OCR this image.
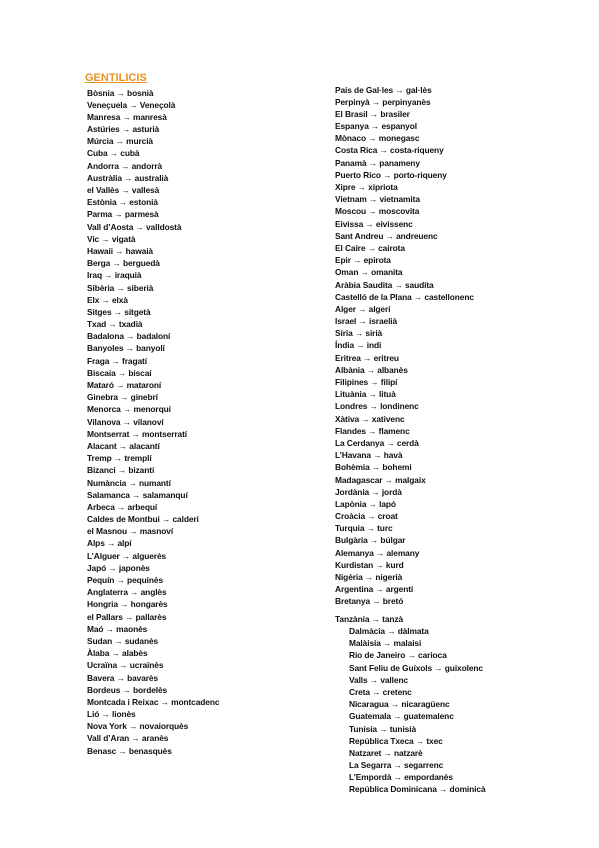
GENTILICIS
Bòsnia → bosnià
Veneçuela → Veneçolà
Manresa → manresà
Astúries → asturià
Múrcia → murcià
Cuba → cubà
Andorra → andorrà
Austràlia → australià
el Vallès → vallesà
Estònia → estonià
Parma → parmesà
Vall d’Aosta → valldostà
Vic → vigatà
Hawaii → hawaià
Berga → berguedà
Iraq → iraquià
Sibèria → siberià
Elx → elxà
Sitges → sitgetà
Txad → txadià
Badalona → badaloní
Banyoles → banyolí
Fraga → fragatí
Biscaia → biscaí
Mataró → mataroní
Ginebra → ginebrí
Menorca → menorquí
Vilanova → vilanoví
Montserrat → montserratí
Alacant → alacantí
Tremp → tremplí
Bizanci → bizantí
Numància → numantí
Salamanca → salamanquí
Arbeca → arbequí
Caldes de Montbui → calderí
el Masnou → masnoví
Alps → alpí
L’Alguer → alguerès
Japó → japonès
Pequín → pequinès
Anglaterra → anglès
Hongria → hongarès
el Pallars → pallarès
Maó → maonès
Sudan → sudanès
Àlaba → alabès
Ucraïna → ucraïnès
Bavera → bavarès
Bordeus → bordelès
Montcada i Reixac → montcadenc
Lió → lionès
Nova York → novaiorquès
Vall d’Aran → aranès
Benasc → benasquès
País de Gal·les → gal·lès
Perpinyà → perpinyanès
El Brasil → brasiler
Espanya → espanyol
Mònaco → monegasc
Costa Rica → costa-riqueny
Panamà → panameny
Puerto Rico → porto-riqueny
Xipre → xipriota
Vietnam → vietnamita
Moscou → moscovita
Eivissa → eivissenc
Sant Andreu → andreuenc
El Caire → cairota
Epir → epirota
Oman → omanita
Aràbia Saudita → saudita
Castelló de la Plana → castellonenc
Alger → algerí
Israel → israelià
Síria → sirià
Índia → indi
Eritrea → eritreu
Albània → albanès
Filipines → filipí
Lituània → lituà
Londres → londinenc
Xàtiva → xativenc
Flandes → flamenc
La Cerdanya → cerdà
L’Havana → havà
Bohèmia → bohemi
Madagascar → malgaix
Jordània → jordà
Lapònia → lapó
Croàcia → croat
Turquia → turc
Bulgària → búlgar
Alemanya → alemany
Kurdistan → kurd
Nigèria → nigerià
Argentina → argentí
Bretanya → bretó
Tanzània → tanzà
Dalmàcia → dàlmata
Malàisia → malaisi
Rio de Janeiro → carioca
Sant Feliu de Guíxols → guixolenc
Valls → vallenc
Creta → cretenc
Nicaragua → nicaragüenc
Guatemala → guatemalenc
Tunísia → tunisià
República Txeca → txec
Natzaret → natzarè
La Segarra → segarrenc
L’Empordà → empordanès
República Dominicana → dominicà
